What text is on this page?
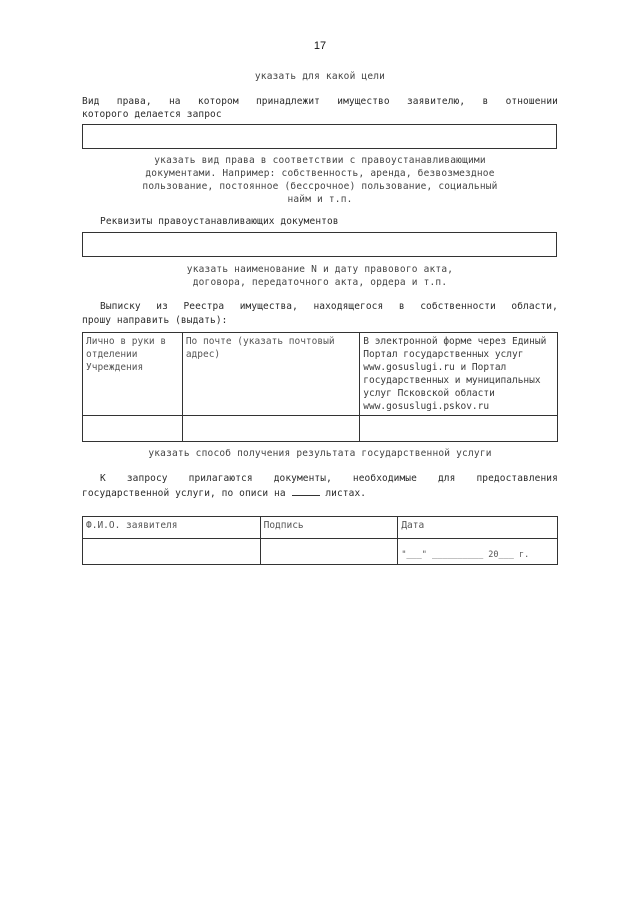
17
указать для какой цели
Вид права, на котором принадлежит имущество заявителю, в отношении
которого делается запрос
указать вид права в соответствии с правоустанавливающими
документами. Например: собственность, аренда, безвозмездное
пользование, постоянное (бессрочное) пользование, социальный
найм и т.п.
Реквизиты правоустанавливающих документов
указать наименование N и дату правового акта,
договора, передаточного акта, ордера и т.п.
Выписку из Реестра имущества, находящегося в собственности области,
прошу направить (выдать):
Лично в руки в отделении Учреждения	По почте (указать почтовый адрес)	В электронной форме через Единый Портал государственных услуг www.gosuslugi.ru и Портал государственных и муниципальных услуг Псковской области www.gosuslugi.pskov.ru

указать способ получения результата государственной услуги
К запросу прилагаются документы, необходимые для предоставления
государственной услуги, по описи на	листах.
Ф.И.О. заявителя	Подпись	Дата
		"___" __________ 20___ г.
